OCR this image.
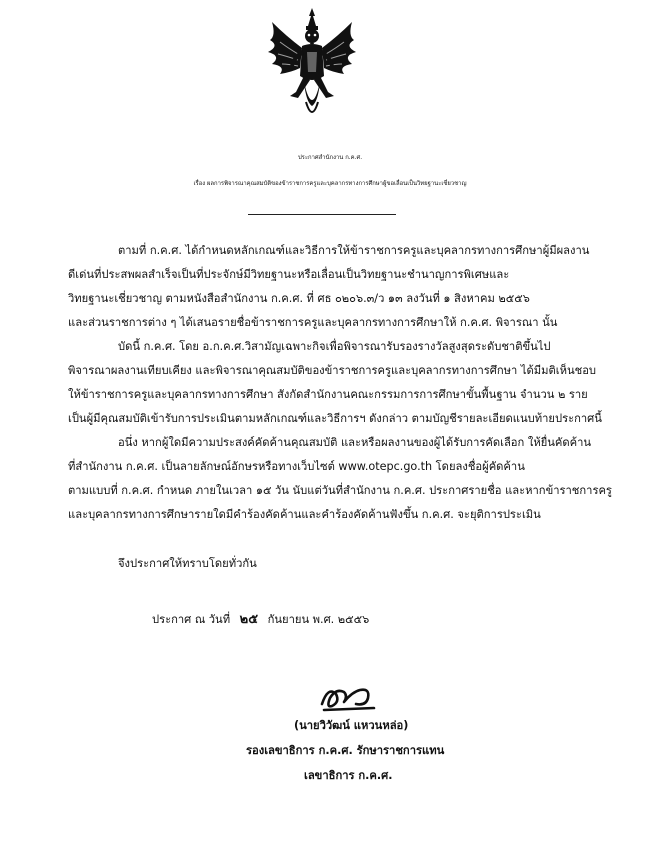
ประกาศสำนักงาน ก.ค.ศ.
เรื่อง ผลการพิจารณาคุณสมบัติของข้าราชการครูและบุคลากรทางการศึกษาผู้ขอเลื่อนเป็นวิทยฐานะเชี่ยวชาญ
ตามที่ ก.ค.ศ. ได้กำหนดหลักเกณฑ์และวิธีการให้ข้าราชการครูและบุคลากรทางการศึกษาผู้มีผลงาน
ดีเด่นที่ประสพผลสำเร็จเป็นที่ประจักษ์มีวิทยฐานะหรือเลื่อนเป็นวิทยฐานะชำนาญการพิเศษและ
วิทยฐานะเชี่ยวชาญ ตามหนังสือสำนักงาน ก.ค.ศ. ที่ ศธ ๐๒๐๖.๓/ว ๑๓ ลงวันที่ ๑ สิงหาคม ๒๕๕๖
และส่วนราชการต่าง ๆ ได้เสนอรายชื่อข้าราชการครูและบุคลากรทางการศึกษาให้ ก.ค.ศ. พิจารณา นั้น
บัดนี้ ก.ค.ศ. โดย อ.ก.ค.ศ.วิสามัญเฉพาะกิจเพื่อพิจารณารับรองรางวัลสูงสุดระดับชาติขึ้นไป
พิจารณาผลงานเทียบเคียง และพิจารณาคุณสมบัติของข้าราชการครูและบุคลากรทางการศึกษา ได้มีมติเห็นชอบ
ให้ข้าราชการครูและบุคลากรทางการศึกษา สังกัดสำนักงานคณะกรรมการการศึกษาขั้นพื้นฐาน จำนวน ๒ ราย
เป็นผู้มีคุณสมบัติเข้ารับการประเมินตามหลักเกณฑ์และวิธีการฯ ดังกล่าว ตามบัญชีรายละเอียดแนบท้ายประกาศนี้
อนึ่ง หากผู้ใดมีความประสงค์คัดค้านคุณสมบัติ และหรือผลงานของผู้ได้รับการคัดเลือก ให้ยื่นคัดค้าน
ที่สำนักงาน ก.ค.ศ. เป็นลายลักษณ์อักษรหรือทางเว็บไซต์ www.otepc.go.th โดยลงชื่อผู้คัดค้าน
ตามแบบที่ ก.ค.ศ. กำหนด ภายในเวลา ๑๕ วัน นับแต่วันที่สำนักงาน ก.ค.ศ. ประกาศรายชื่อ และหากข้าราชการครู
และบุคลากรทางการศึกษารายใดมีคำร้องคัดค้านและคำร้องคัดค้านฟังขึ้น ก.ค.ศ. จะยุติการประเมิน
จึงประกาศให้ทราบโดยทั่วกัน
ประกาศ ณ วันที่ ๒๕ กันยายน พ.ศ. ๒๕๕๖
(นายวิวัฒน์ แหวนหล่อ)
รองเลขาธิการ ก.ค.ศ. รักษาราชการแทน
เลขาธิการ ก.ค.ศ.
